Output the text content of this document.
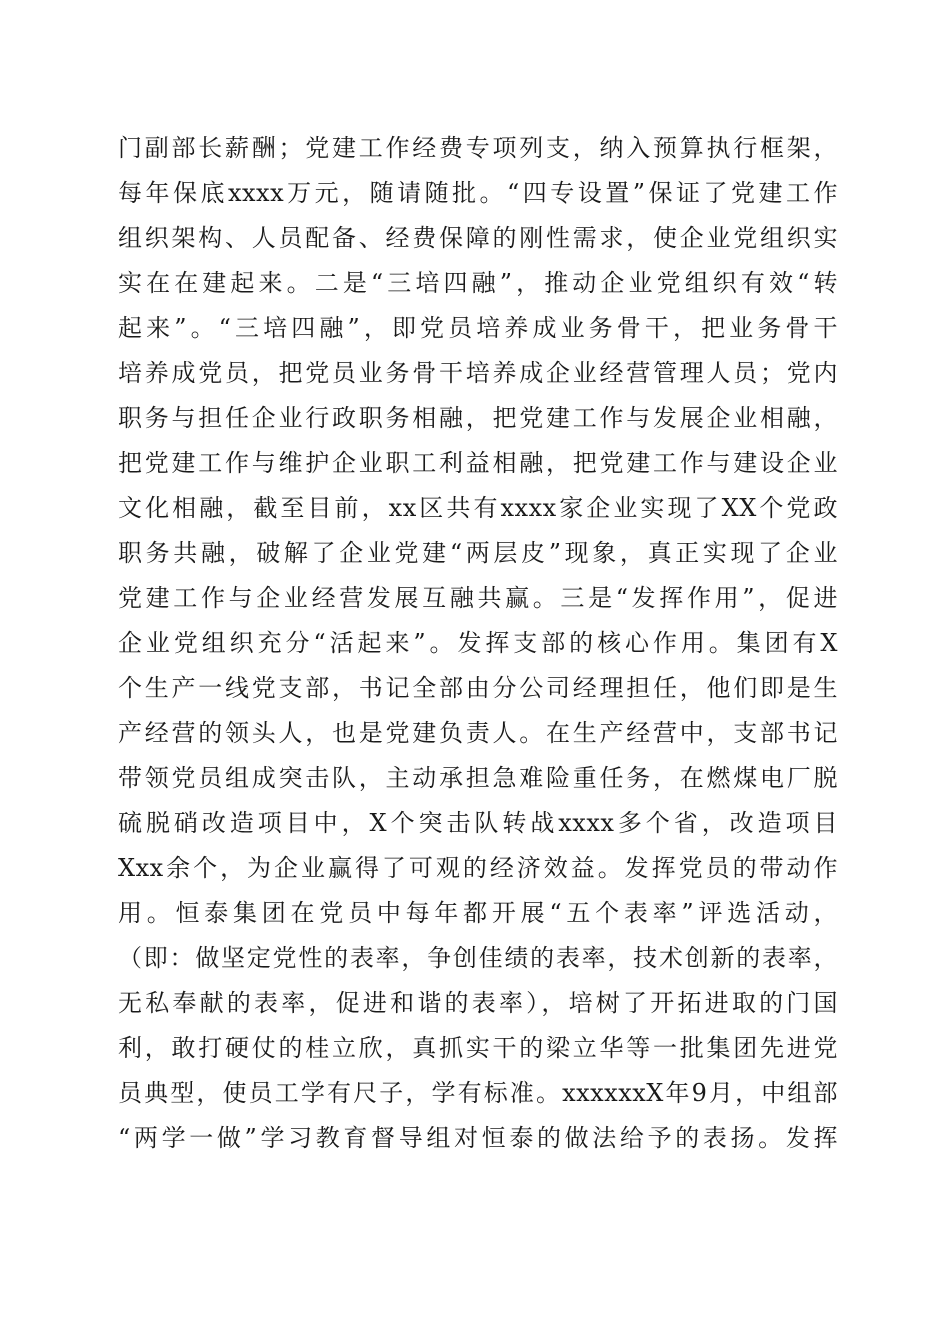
门副部长薪酬；党建工作经费专项列支，纳入预算执行框架，
每年保底xxxx万元，随请随批。“四专设置”保证了党建工作
组织架构、人员配备、经费保障的刚性需求，使企业党组织实
实在在建起来。二是“三培四融”，推动企业党组织有效“转
起来”。“三培四融”，即党员培养成业务骨干，把业务骨干
培养成党员，把党员业务骨干培养成企业经营管理人员；党内
职务与担任企业行政职务相融，把党建工作与发展企业相融，
把党建工作与维护企业职工利益相融，把党建工作与建设企业
文化相融，截至目前，xx区共有xxxx家企业实现了XX个党政
职务共融，破解了企业党建“两层皮”现象，真正实现了企业
党建工作与企业经营发展互融共赢。三是“发挥作用”，促进
企业党组织充分“活起来”。发挥支部的核心作用。集团有X
个生产一线党支部，书记全部由分公司经理担任，他们即是生
产经营的领头人，也是党建负责人。在生产经营中，支部书记
带领党员组成突击队，主动承担急难险重任务，在燃煤电厂脱
硫脱硝改造项目中，X个突击队转战xxxx多个省，改造项目
Xxx余个，为企业赢得了可观的经济效益。发挥党员的带动作
用。恒泰集团在党员中每年都开展“五个表率”评选活动，
（即：做坚定党性的表率，争创佳绩的表率，技术创新的表率，
无私奉献的表率，促进和谐的表率），培树了开拓进取的门国
利，敢打硬仗的桂立欣，真抓实干的梁立华等一批集团先进党
员典型，使员工学有尺子，学有标准。xxxxxxX年9月，中组部
“两学一做”学习教育督导组对恒泰的做法给予的表扬。发挥
